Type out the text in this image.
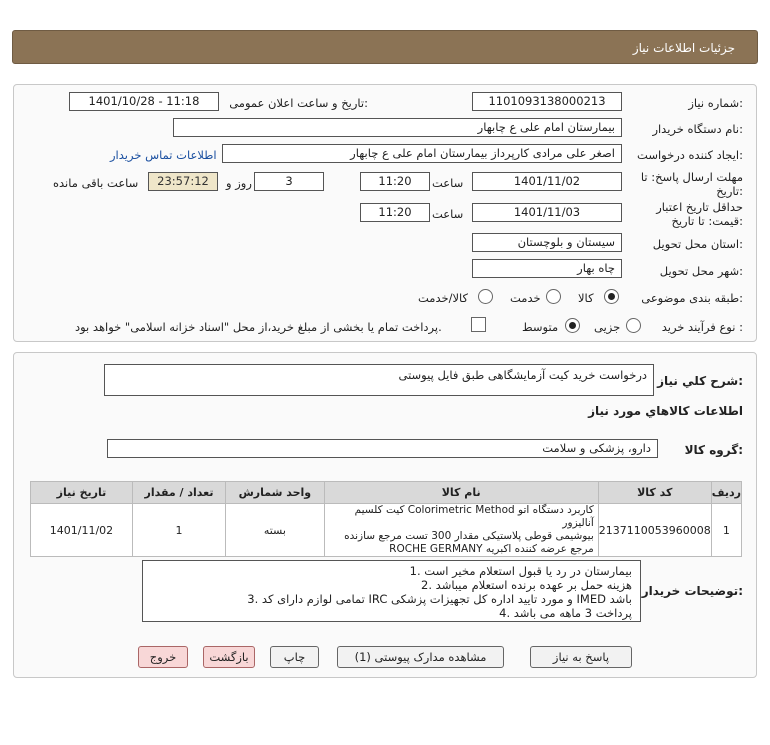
جزئیات اطلاعات نیاز
شماره نیاز:
1101093138000213
تاریخ و ساعت اعلان عمومی:
1401/10/28 - 11:18
نام دستگاه خریدار:
بیمارستان امام علی ع چابهار
ایجاد کننده درخواست:
اصغر علی مرادی کارپرداز بیمارستان امام علی ع چابهار
اطلاعات تماس خریدار
مهلت ارسال پاسخ: تا
تاریخ:
1401/11/02
ساعت
11:20
3
روز و
23:57:12
ساعت باقی مانده
حداقل تاریخ اعتبار
قیمت: تا تاریخ:
1401/11/03
ساعت
11:20
استان محل تحویل:
سیستان و بلوچستان
شهر محل تحویل:
چاه بهار
طبقه بندی موضوعی:
کالا
خدمت
کالا/خدمت
نوع فرآیند خرید :
جزیی
متوسط
پرداخت تمام یا بخشی از مبلغ خرید،از محل "اسناد خزانه اسلامی" خواهد بود.
شرح کلي نياز:
درخواست خرید کیت آزمایشگاهی طبق فایل پیوستی
اطلاعات کالاهاي مورد نياز
گروه کالا:
دارو، پزشکی و سلامت
تاریخ نیاز	تعداد / مقدار	واحد شمارش	نام کالا	کد کالا	ردیف
1401/11/02	1	بسته	کیت کلسیم Colorimetric Method کاربرد دستگاه اتو آنالیزور
بیوشیمی قوطی پلاستیکی مقدار 300 تست مرجع سازنده
ROCHE GERMANY مرجع عرضه کننده اکبریه	2137110053960008	1
توضیحات خریدار:
1. بیمارستان در رد یا قبول استعلام مخیر است
2. هزینه حمل بر عهده برنده استعلام میباشد
3. تمامی لوازم دارای کد IRC و مورد تایید اداره کل تجهیزات پزشکی IMED باشد
4. پرداخت 3 ماهه می باشد
پاسخ به نیاز
مشاهده مدارک پیوستی (1)
چاپ
بازگشت
خروج
